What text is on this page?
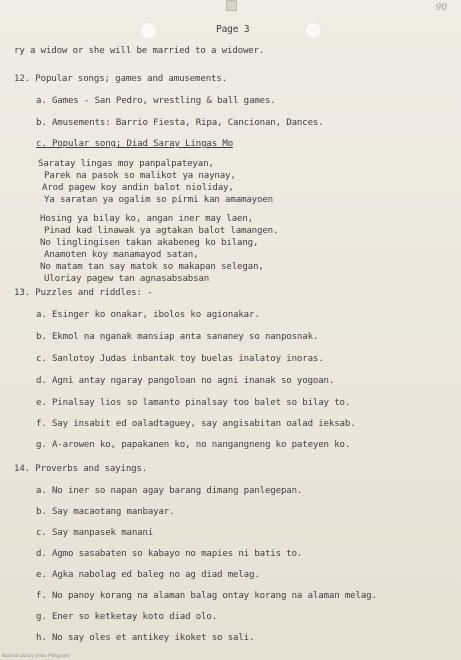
90
Page 3
ry a widow or she will be married to a widower.
12. Popular songs; games and amusements.
a. Games - San Pedro, wrestling & ball games.
b. Amusements: Barrio Fiesta, Ripa, Cancionan, Dances.
c. Popular song; Diad Saray Lingas Mo
Saratay lingas moy panpalpateyan,
Parek na pasok so malikot ya naynay,
Arod pagew koy andin balot nioliday,
Ya saratan ya ogalim so pirmi kan amamayoen
Hosing ya bilay ko, angan iner may laen,
Pinad kad linawak ya agtakan balot lamangen.
No linglingisen takan akabeneg ko bilang,
Anamoten koy manamayod satan,
No matam tan say matok so makapan selegan,
Uloriay pagew tan agnasabsabsan
13. Puzzles and riddles: -
a. Esinger ko onakar, ibolos ko agionakar.
b. Ekmol na nganak mansiap anta sananey so nanposnak.
c. Sanlotoy Judas inbantak toy buelas inalatoy inoras.
d. Agni antay ngaray pangoloan no agni inanak so yogoan.
e. Pinalsay lios so lamanto pinalsay too balet so bilay to.
f. Say insabit ed oaladtaguey, say angisabitan oalad ieksab.
g. A-arowen ko, papakanen ko, no nangangneng ko pateyen ko.
14. Proverbs and sayings.
a. No iner so napan agay barang dimang panlegepan.
b. Say macaotang manbayar.
c. Say manpasek manani
d. Agmo sasabaten so kabayo no mapies ni batis to.
e. Agka nabolag ed baleg no ag diad melag.
f. No panoy korang na alaman balag ontay korang na alaman melag.
g. Ener so ketketay koto diad olo.
h. No say oles et antikey ikoket so sali.
National Library of the Philippines
